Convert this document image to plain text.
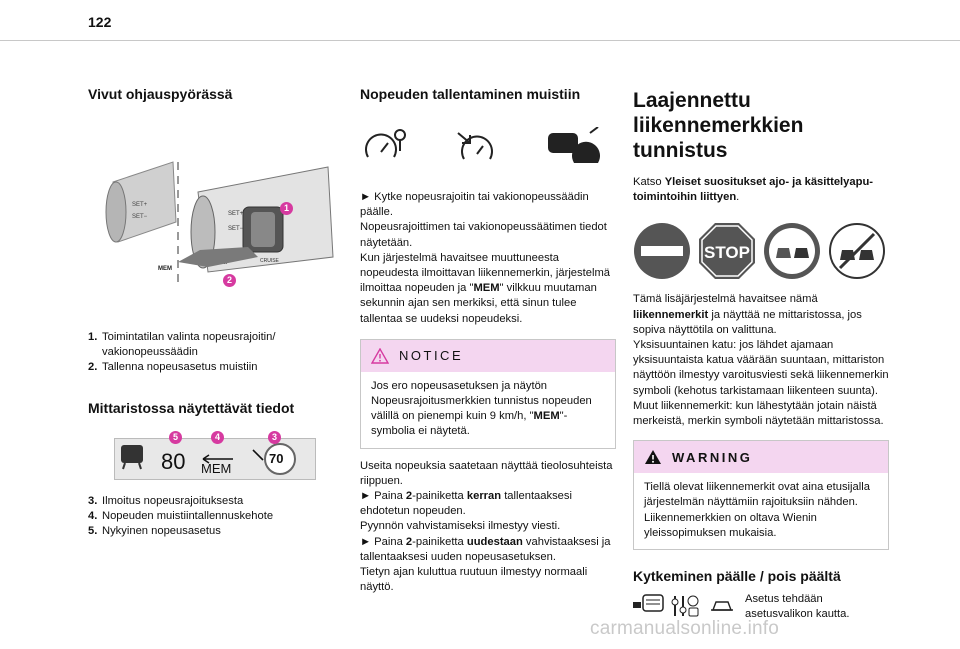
122
Vivut ohjauspyörässä
SET+
SET−	SET+
SET−
CRUISE
MEM
1
2
1. Toimintatilan valinta nopeusrajoitin/ vakionopeussäädin
2. Tallenna nopeusasetus muistiin
Mittaristossa näytettävät tiedot
80 MEM
70
5	4	3
3. Ilmoitus nopeusrajoituksesta
4. Nopeuden muistiintallennuskehote
5. Nykyinen nopeusasetus
Nopeuden tallentaminen muistiin

► Kytke nopeusrajoitin tai vakionopeussäädin päälle.

Nopeusrajoittimen tai vakionopeussäätimen tiedot näytetään.

Kun järjestelmä havaitsee muuttuneesta nopeudesta ilmoittavan liikennemerkin, järjestelmä ilmoittaa nopeuden ja "MEM" vilkkuu muutaman sekunnin ajan sen merkiksi, että sinun tulee tallentaa se uudeksi nopeudeksi.

NOTICE
Jos ero nopeusasetuksen ja näytön Nopeusrajoitusmerkkien tunnistus nopeuden välillä on pienempi kuin 9 km/h, "MEM"-symbolia ei näytetä.

Useita nopeuksia saatetaan näyttää tieolosuhteista riippuen.

► Paina 2-painiketta kerran tallentaaksesi ehdotetun nopeuden.

Pyynnön vahvistamiseksi ilmestyy viesti.

► Paina 2-painiketta uudestaan vahvistaaksesi ja tallentaaksesi uuden nopeusasetuksen.

Tietyn ajan kuluttua ruutuun ilmestyy normaali näyttö.

Laajennettu liikennemerkkien tunnistus

Katso Yleiset suositukset ajo- ja käsittelyaputoimintoihin liittyen.

STOP

Tämä lisäjärjestelmä havaitsee nämä liikennemerkit ja näyttää ne mittaristossa, jos sopiva näyttötila on valittuna.

Yksisuuntainen katu: jos lähdet ajamaan yksisuuntaista katua väärään suuntaan, mittariston näyttöön ilmestyy varoitusviesti sekä liikennemerkin symboli (kehotus tarkistamaan liikenteen suunta).

Muut liikennemerkit: kun lähestytään jotain näistä merkeistä, merkin symboli näytetään mittaristossa.

WARNING
Tiellä olevat liikennemerkit ovat aina etusijalla järjestelmän näyttämiin rajoituksiin nähden. Liikennemerkkien on oltava Wienin yleissopimuksen mukaisia.
Kytkeminen päälle / pois päältä

Asetus tehdään asetusvalikon kautta.

carmanualsonline.info
